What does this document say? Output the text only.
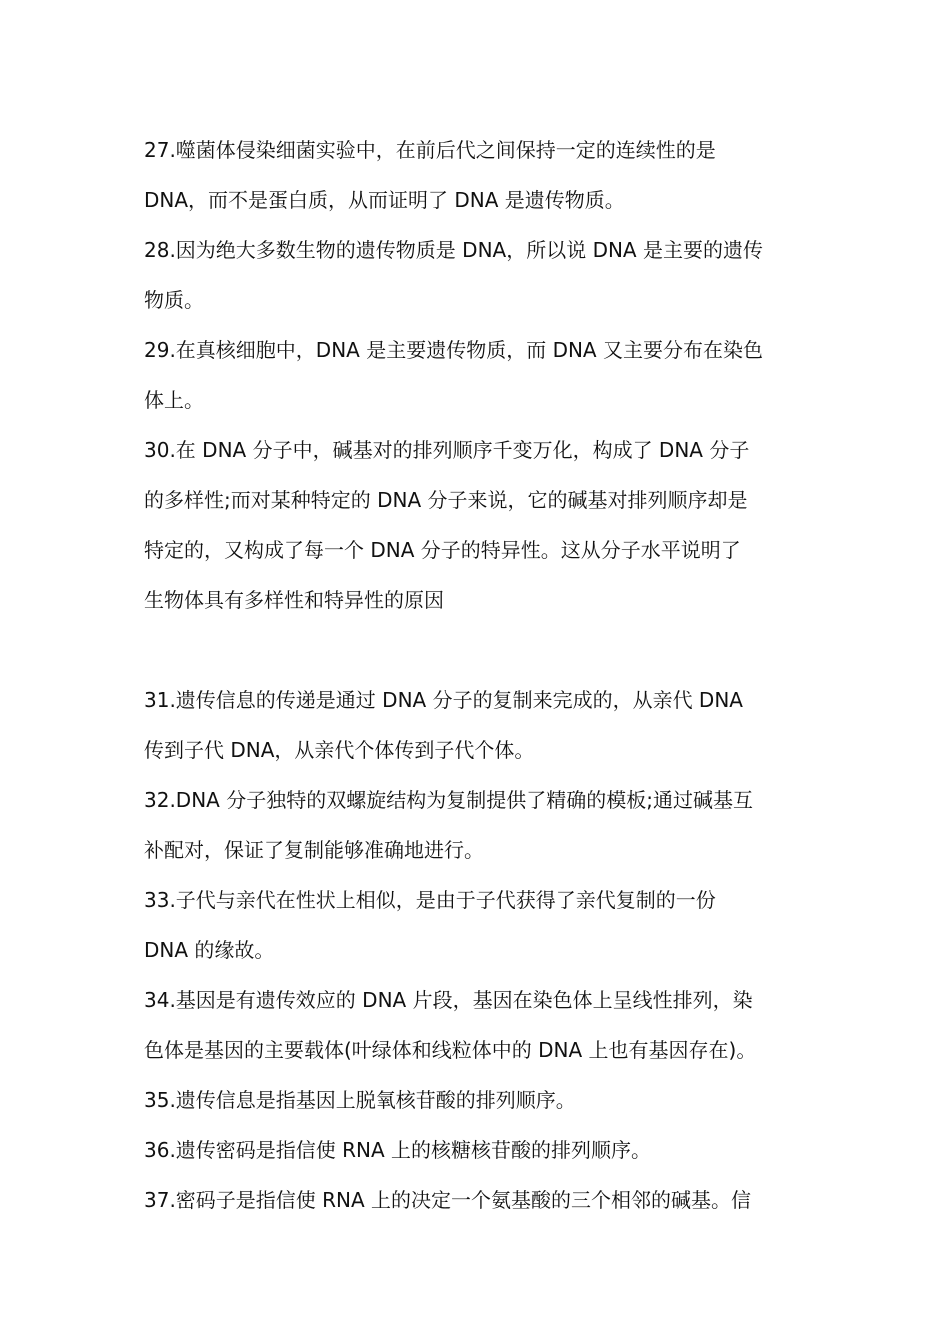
27.噬菌体侵染细菌实验中，在前后代之间保持一定的连续性的是
DNA，而不是蛋白质，从而证明了 DNA 是遗传物质。

28.因为绝大多数生物的遗传物质是 DNA，所以说 DNA 是主要的遗传
物质。

29.在真核细胞中，DNA 是主要遗传物质，而 DNA 又主要分布在染色
体上。

30.在 DNA 分子中，碱基对的排列顺序千变万化，构成了 DNA 分子
的多样性;而对某种特定的 DNA 分子来说，它的碱基对排列顺序却是
特定的，又构成了每一个 DNA 分子的特异性。这从分子水平说明了
生物体具有多样性和特异性的原因

31.遗传信息的传递是通过 DNA 分子的复制来完成的，从亲代 DNA
传到子代 DNA，从亲代个体传到子代个体。

32.DNA 分子独特的双螺旋结构为复制提供了精确的模板;通过碱基互
补配对，保证了复制能够准确地进行。

33.子代与亲代在性状上相似，是由于子代获得了亲代复制的一份
DNA 的缘故。

34.基因是有遗传效应的 DNA 片段，基因在染色体上呈线性排列，染
色体是基因的主要载体(叶绿体和线粒体中的 DNA 上也有基因存在)。

35.遗传信息是指基因上脱氧核苷酸的排列顺序。

36.遗传密码是指信使 RNA 上的核糖核苷酸的排列顺序。

37.密码子是指信使 RNA 上的决定一个氨基酸的三个相邻的碱基。信
